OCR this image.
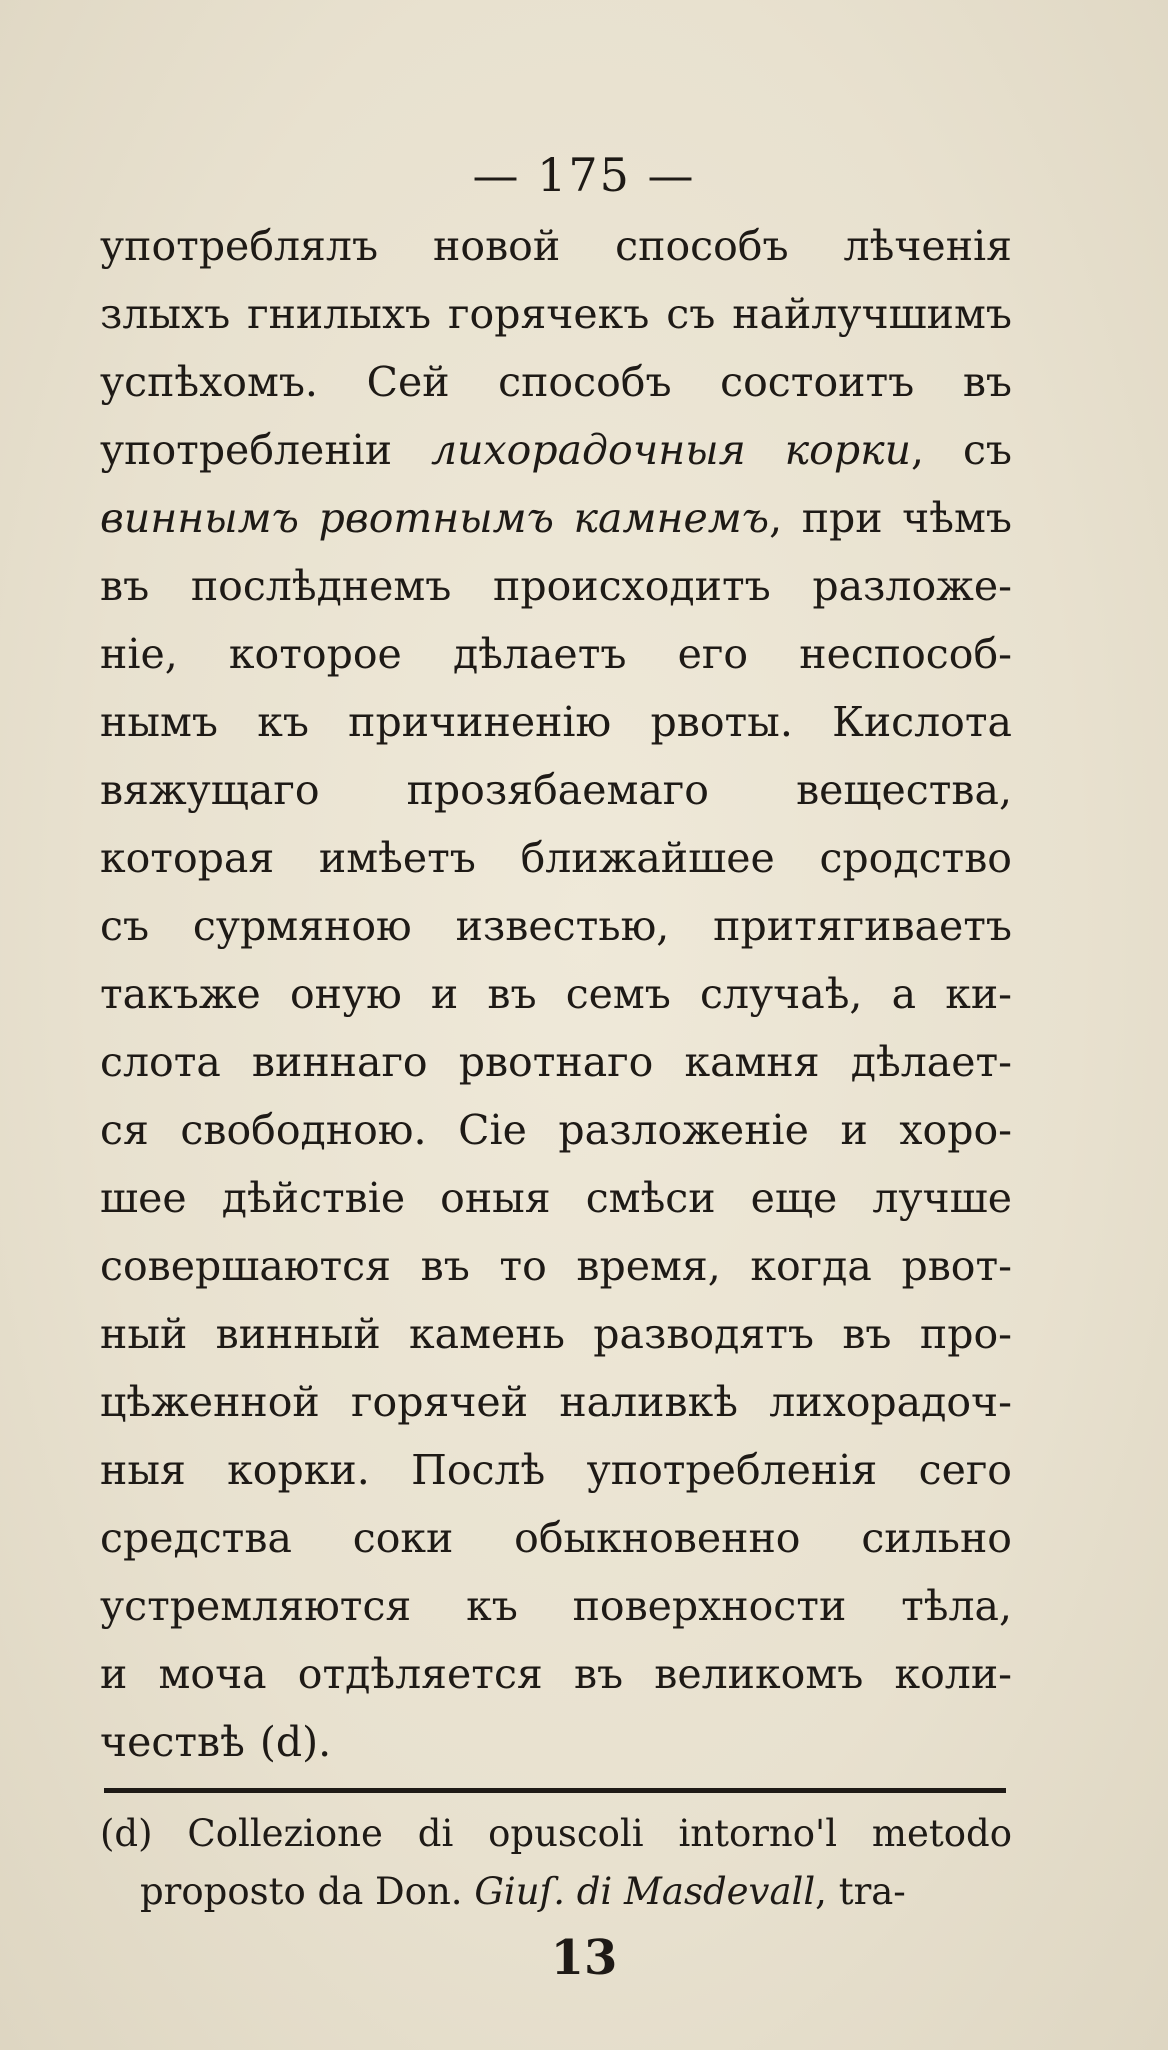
— 175 —
употреблялъ новой способъ лѣченія
злыхъ гнилыхъ горячекъ съ найлучшимъ
успѣхомъ. Сей способъ состоитъ въ
употребленіи лихорадочныя корки, съ
виннымъ рвотнымъ камнемъ, при чѣмъ
въ послѣднемъ происходитъ разложе-
ніе, которое дѣлаетъ его неспособ-
нымъ къ причиненію рвоты. Кислота
вяжущаго прозябаемаго вещества,
которая имѣетъ ближайшее сродство
съ сурмяною известью, притягиваетъ
такъже оную и въ семъ случаѣ, а ки-
слота виннаго рвотнаго камня дѣлает-
ся свободною. Сіе разложеніе и хоро-
шее дѣйствіе оныя смѣси еще лучше
совершаются въ то время, когда рвот-
ный винный камень разводятъ въ про-
цѣженной горячей наливкѣ лихорадоч-
ныя корки. Послѣ употребленія сего
средства соки обыкновенно сильно
устремляются къ поверхности тѣла,
и моча отдѣляется въ великомъ коли-
чествѣ (d).
(d) Collezione di opuscoli intorno'l metodo
proposto da Don. Giuſ. di Masdevall, tra-
13
